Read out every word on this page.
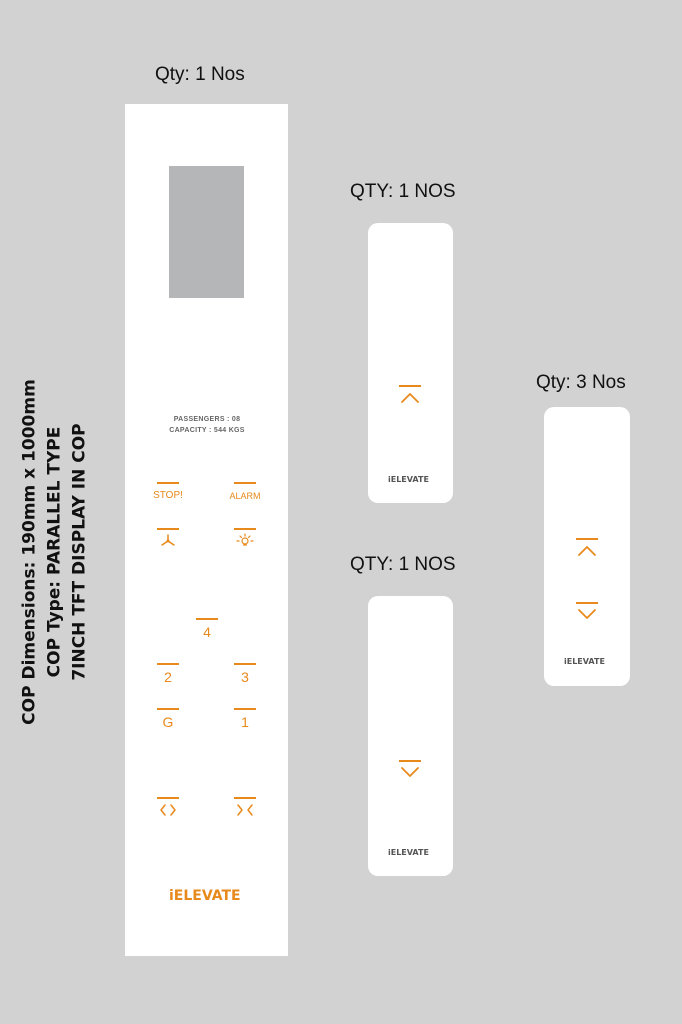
COP Dimensions: 190mm x 1000mm COP Type: PARALLEL TYPE 7INCH TFT DISPLAY IN COP
Qty: 1 Nos
PASSENGERS : 08
CAPACITY : 544 KGS
STOP!	ALARM
4
2	3
G	1
iELEVATE
QTY: 1 NOS
iELEVATE
QTY: 1 NOS
iELEVATE
Qty: 3 Nos
iELEVATE
